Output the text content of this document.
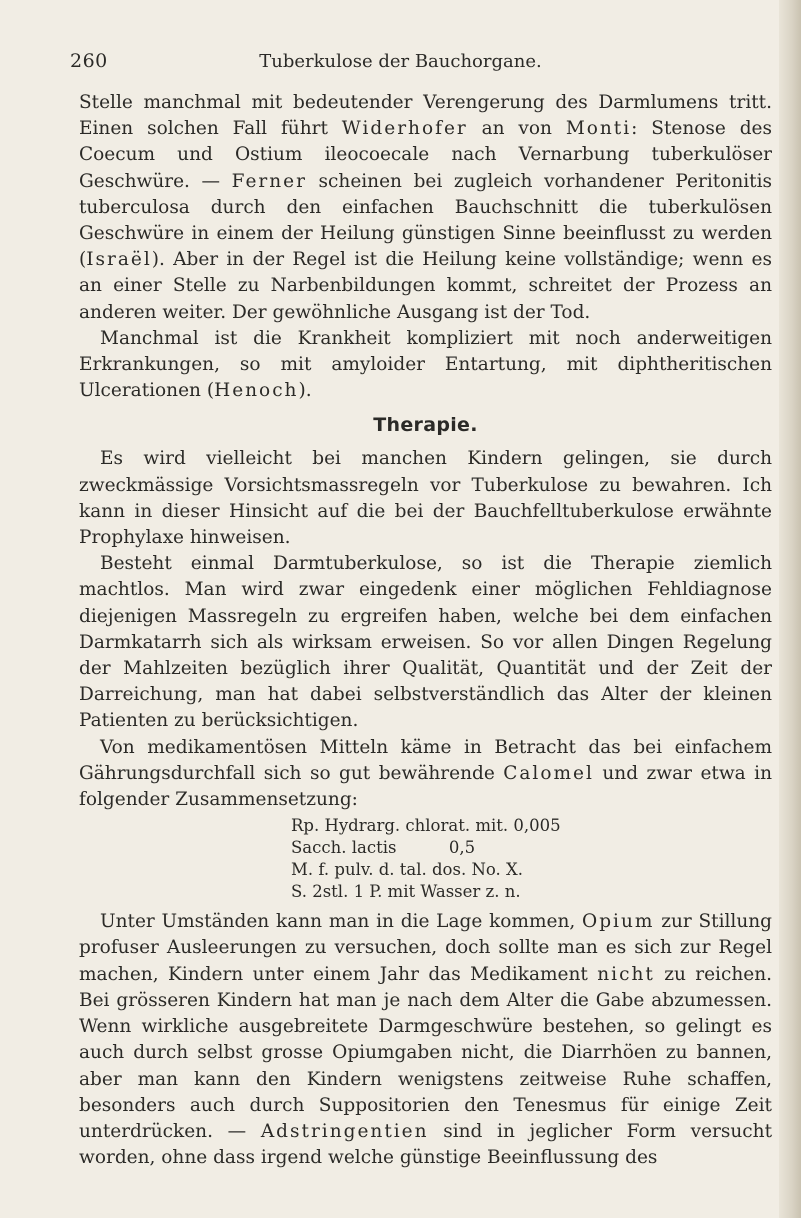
260	Tuberkulose der Bauchorgane.

Stelle manchmal mit bedeutender Verengerung des Darmlumens tritt. Einen solchen Fall führt Widerhofer an von Monti: Stenose des Coecum und Ostium ileocoecale nach Vernarbung tuberkulöser Geschwüre. — Ferner scheinen bei zugleich vorhandener Peritonitis tuberculosa durch den einfachen Bauchschnitt die tuberkulösen Geschwüre in einem der Heilung günstigen Sinne beeinflusst zu werden (Israël). Aber in der Regel ist die Heilung keine vollständige; wenn es an einer Stelle zu Narbenbildungen kommt, schreitet der Prozess an anderen weiter. Der gewöhnliche Ausgang ist der Tod.

Manchmal ist die Krankheit kompliziert mit noch anderweitigen Erkrankungen, so mit amyloider Entartung, mit diphtheritischen Ulcerationen (Henoch).

Therapie.

Es wird vielleicht bei manchen Kindern gelingen, sie durch zweckmässige Vorsichtsmassregeln vor Tuberkulose zu bewahren. Ich kann in dieser Hinsicht auf die bei der Bauchfelltuberkulose erwähnte Prophylaxe hinweisen.

Besteht einmal Darmtuberkulose, so ist die Therapie ziemlich machtlos. Man wird zwar eingedenk einer möglichen Fehldiagnose diejenigen Massregeln zu ergreifen haben, welche bei dem einfachen Darmkatarrh sich als wirksam erweisen. So vor allen Dingen Regelung der Mahlzeiten bezüglich ihrer Qualität, Quantität und der Zeit der Darreichung, man hat dabei selbstverständlich das Alter der kleinen Patienten zu berücksichtigen.

Von medikamentösen Mitteln käme in Betracht das bei einfachem Gährungsdurchfall sich so gut bewährende Calomel und zwar etwa in folgender Zusammensetzung:

Rp. Hydrarg. chlorat. mit. 0,005
Sacch. lactis          0,5
M. f. pulv. d. tal. dos. No. X.
S. 2stl. 1 P. mit Wasser z. n.

Unter Umständen kann man in die Lage kommen, Opium zur Stillung profuser Ausleerungen zu versuchen, doch sollte man es sich zur Regel machen, Kindern unter einem Jahr das Medikament nicht zu reichen. Bei grösseren Kindern hat man je nach dem Alter die Gabe abzumessen. Wenn wirkliche ausgebreitete Darmgeschwüre bestehen, so gelingt es auch durch selbst grosse Opiumgaben nicht, die Diarrhöen zu bannen, aber man kann den Kindern wenigstens zeitweise Ruhe schaffen, besonders auch durch Suppositorien den Tenesmus für einige Zeit unterdrücken. — Adstringentien sind in jeglicher Form versucht worden, ohne dass irgend welche günstige Beeinflussung des
